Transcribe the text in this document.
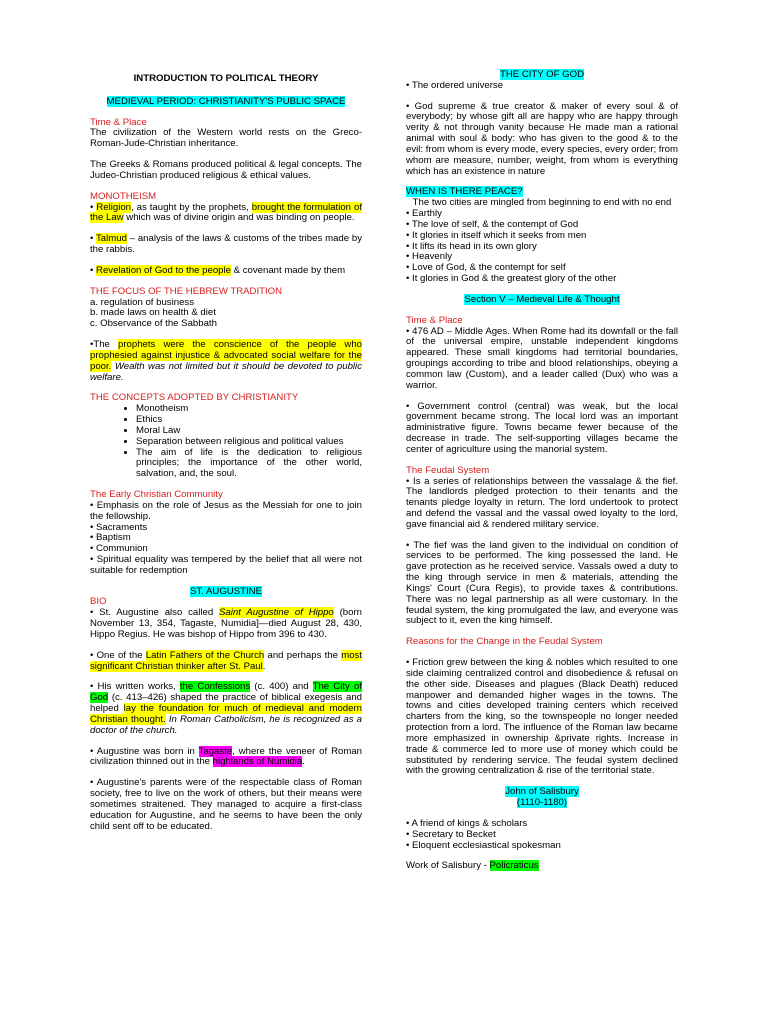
INTRODUCTION TO POLITICAL THEORY

MEDIEVAL PERIOD: CHRISTIANITY'S PUBLIC SPACE

Time & Place

The civilization of the Western world rests on the Greco-Roman-Jude-Christian inheritance.

The Greeks & Romans produced political & legal concepts. The Judeo-Christian produced religious & ethical values.

MONOTHEISM

• Religion, as taught by the prophets, brought the formulation of the Law which was of divine origin and was binding on people.

• Talmud – analysis of the laws & customs of the tribes made by the rabbis.

• Revelation of God to the people & covenant made by them

THE FOCUS OF THE HEBREW TRADITION

a. regulation of business

b. made laws on health & diet

c. Observance of the Sabbath

•The prophets were the conscience of the people who prophesied against injustice & advocated social welfare for the poor. Wealth was not limited but it should be devoted to public welfare.

THE CONCEPTS ADOPTED BY CHRISTIANITY

• Monotheism
• Ethics
• Moral Law
• Separation between religious and political values
• The aim of life is the dedication to religious principles; the importance of the other world, salvation, and, the soul.

The Early Christian Community

• Emphasis on the role of Jesus as the Messiah for one to join the fellowship.

• Sacraments

• Baptism

• Communion

• Spiritual equality was tempered by the belief that all were not suitable for redemption

ST. AUGUSTINE

BIO

• St. Augustine also called Saint Augustine of Hippo (born November 13, 354, Tagaste, Numidia]—died August 28, 430, Hippo Regius. He was bishop of Hippo from 396 to 430.

• One of the Latin Fathers of the Church and perhaps the most significant Christian thinker after St. Paul.

• His written works, the Confessions (c. 400) and The City of God (c. 413–426) shaped the practice of biblical exegesis and helped lay the foundation for much of medieval and modern Christian thought. In Roman Catholicism, he is recognized as a doctor of the church.

• Augustine was born in Tagaste, where the veneer of Roman civilization thinned out in the highlands of Numidia.

• Augustine's parents were of the respectable class of Roman society, free to live on the work of others, but their means were sometimes straitened. They managed to acquire a first-class education for Augustine, and he seems to have been the only child sent off to be educated.

THE CITY OF GOD

• The ordered universe

• God supreme & true creator & maker of every soul & of everybody; by whose gift all are happy who are happy through verity & not through vanity because He made man a rational animal with soul & body: who has given to the good & to the evil: from whom is every mode, every species, every order; from whom are measure, number, weight, from whom is everything which has an existence in nature

WHEN IS THERE PEACE?

The two cities are mingled from beginning to end with no end

• Earthly

• The love of self, & the contempt of God

• It glories in itself which it seeks from men

• It lifts its head in its own glory

• Heavenly

• Love of God, & the contempt for self

• It glories in God & the greatest glory of the other

Section V – Medieval Life & Thought

Time & Place

• 476 AD – Middle Ages. When Rome had its downfall or the fall of the universal empire, unstable independent kingdoms appeared. These small kingdoms had territorial boundaries, groupings according to tribe and blood relationships, obeying a common law (Custom), and a leader called (Dux) who was a warrior.

• Government control (central) was weak, but the local government became strong. The local lord was an important administrative figure. Towns became fewer because of the decrease in trade. The self-supporting villages became the center of agriculture using the manorial system.

The Feudal System

• Is a series of relationships between the vassalage & the fief. The landlords pledged protection to their tenants and the tenants pledge loyalty in return. The lord undertook to protect and defend the vassal and the vassal owed loyalty to the lord, gave financial aid & rendered military service.

• The fief was the land given to the individual on condition of services to be performed. The king possessed the land. He gave protection as he received service. Vassals owed a duty to the king through service in men & materials, attending the Kings' Court (Cura Regis), to provide taxes & contributions. There was no legal partnership as all were customary. In the feudal system, the king promulgated the law, and everyone was subject to it, even the king himself.

Reasons for the Change in the Feudal System

• Friction grew between the king & nobles which resulted to one side claiming centralized control and disobedience & refusal on the other side. Diseases and plagues (Black Death) reduced manpower and demanded higher wages in the towns. The towns and cities developed training centers which received charters from the king, so the townspeople no longer needed protection from a lord. The influence of the Roman law became more emphasized in ownership &private rights. Increase in trade & commerce led to more use of money which could be substituted by rendering service. The feudal system declined with the growing centralization & rise of the territorial state.

John of Salisbury

(1110-1180)

• A friend of kings & scholars

• Secretary to Becket

• Eloquent ecclesiastical spokesman

Work of Salisbury - Policraticus
